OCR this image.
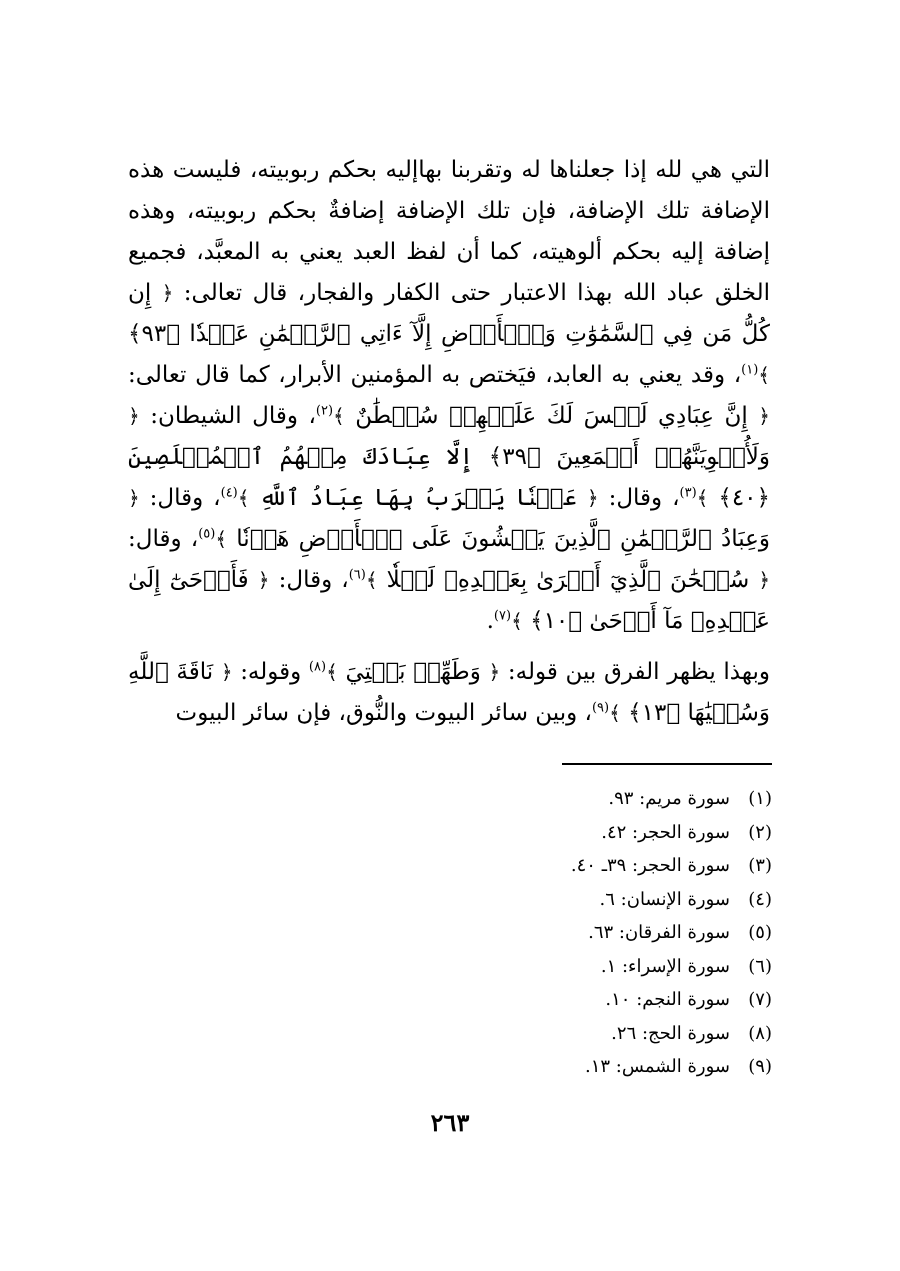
التي هي لله إذا جعلناها له وتقربنا بهاإليه بحكم ربوبيته، فليست هذه الإضافة تلك الإضافة، فإن تلك الإضافة إضافةٌ بحكم ربوبيته، وهذه إضافة إليه بحكم ألوهيته، كما أن لفظ العبد يعني به المعبَّد، فجميع الخلق عباد الله بهذا الاعتبار حتى الكفار والفجار، قال تعالى: ﴿ إِن كُلُّ مَن فِي ٱلسَّمَٰوَٰتِ وَٱلۡأَرۡضِ إِلَّآ ءَاتِي ٱلرَّحۡمَٰنِ عَبۡدٗا ﴿٩٣﴾ ﴾$^{(١)}$، وقد يعني به العابد، فيَختص به المؤمنين الأبرار، كما قال تعالى: ﴿ إِنَّ عِبَادِي لَيۡسَ لَكَ عَلَيۡهِمۡ سُلۡطَٰنٌ ﴾$^{(٢)}$، وقال الشيطان: ﴿ وَلَأُغۡوِيَنَّهُمۡ أَجۡمَعِينَ ﴿٣٩﴾ إِلَّا عِبَادَكَ مِنۡهُمُ ٱلۡمُخۡلَصِينَ ﴿٤٠﴾ ﴾$^{(٣)}$، وقال: ﴿ عَيۡنٗا يَشۡرَبُ بِهَا عِبَادُ ٱللَّهِ ﴾$^{(٤)}$، وقال: ﴿ وَعِبَادُ ٱلرَّحۡمَٰنِ ٱلَّذِينَ يَمۡشُونَ عَلَى ٱلۡأَرۡضِ هَوۡنٗا ﴾$^{(٥)}$، وقال: ﴿ سُبۡحَٰنَ ٱلَّذِيٓ أَسۡرَىٰ بِعَبۡدِهِۦ لَيۡلٗا ﴾$^{(٦)}$، وقال: ﴿ فَأَوۡحَىٰٓ إِلَىٰ عَبۡدِهِۦ مَآ أَوۡحَىٰ ﴿١٠﴾ ﴾$^{(٧)}$.

وبهذا يظهر الفرق بين قوله: ﴿ وَطَهِّرۡ بَيۡتِيَ ﴾$^{(٨)}$ وقوله: ﴿ نَاقَةَ ٱللَّهِ وَسُقۡيَٰهَا ﴿١٣﴾ ﴾$^{(٩)}$، وبين سائر البيوت والنُّوق، فإن سائر البيوت

(١)سورة مريم: ٩٣.
(٢)سورة الحجر: ٤٢.
(٣)سورة الحجر: ٣٩ـ ٤٠.
(٤)سورة الإنسان: ٦.
(٥)سورة الفرقان: ٦٣.
(٦)سورة الإسراء: ١.
(٧)سورة النجم: ١٠.
(٨)سورة الحج: ٢٦.
(٩)سورة الشمس: ١٣.
٢٦٣
